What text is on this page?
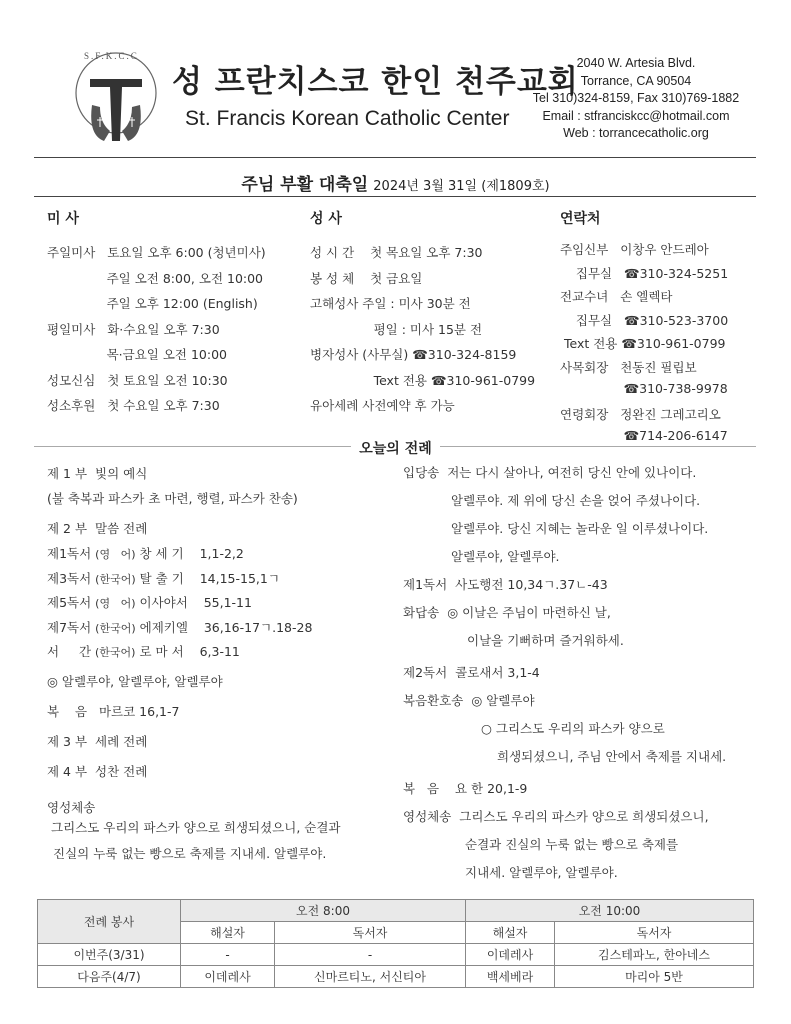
S.F.K.C.C
성 프란치스코 한인 천주교회
St. Francis Korean Catholic Center
2040 W. Artesia Blvd.
Torrance, CA 90504
Tel 310)324-8159, Fax 310)769-1882
Email : stfranciskcc@hotmail.com
Web : torrancecatholic.org
주님 부활 대축일 2024년 3월 31일 (제1809호)
미 사	성 사	연락처
주일미사   토요일 오후 6:00 (청년미사)
주일 오전 8:00, 오전 10:00
주일 오후 12:00 (English)
평일미사   화·수요일 오후 7:30
목·금요일 오전 10:00
성모신심   첫 토요일 오전 10:30
성소후원   첫 수요일 오후 7:30
성 시 간    첫 목요일 오후 7:30
봉 성 체    첫 금요일
고해성사 주일 : 미사 30분 전
평일 : 미사 15분 전
병자성사 (사무실) ☎310-324-8159
Text 전용 ☎310-961-0799
유아세례 사전예약 후 가능
주임신부   이창우 안드레아
집무실   ☎310-324-5251
전교수녀   손 엘렉타
집무실   ☎310-523-3700
Text 전용 ☎310-961-0799
사목회장   천동진 필립보
☎310-738-9978
연령회장   정완진 그레고리오
☎714-206-6147
오늘의 전례
제 1 부  빛의 예식
(불 축복과 파스카 초 마련, 행렬, 파스카 찬송)
제 2 부  말씀 전례
제1독서 (영   어) 창 세 기 1,1-2,2
제3독서 (한국어) 탈 출 기 14,15-15,1ㄱ
제5독서 (영   어) 이사야서 55,1-11
제7독서 (한국어) 에제키엘 36,16-17ㄱ.18-28
서     간 (한국어) 로 마 서 6,3-11
◎ 알렐루야, 알렐루야, 알렐루야
복    음   마르코 16,1-7
제 3 부  세례 전례
제 4 부  성찬 전례
영성체송
그리스도 우리의 파스카 양으로 희생되셨으니, 순결과
진실의 누룩 없는 빵으로 축제를 지내세. 알렐루야.
입당송 저는 다시 살아나, 여전히 당신 안에 있나이다.
알렐루야. 제 위에 당신 손을 얹어 주셨나이다.
알렐루야. 당신 지혜는 놀라운 일 이루셨나이다.
알렐루야, 알렐루야.
제1독서 사도행전 10,34ㄱ.37ㄴ-43
화답송 ◎ 이날은 주님이 마련하신 날,
이날을 기뻐하며 즐거워하세.
제2독서 콜로새서 3,1-4
복음환호송 ◎ 알렐루야
○ 그리스도 우리의 파스카 양으로
희생되셨으니, 주님 안에서 축제를 지내세.
복   음 요 한 20,1-9
영성체송 그리스도 우리의 파스카 양으로 희생되셨으니,
순결과 진실의 누룩 없는 빵으로 축제를
지내세. 알렐루야, 알렐루야.
전례 봉사	오전 8:00		오전 10:00	
	해설자	독서자	해설자	독서자
이번주(3/31)	-	-	이데레사	김스테파노, 한아네스
다음주(4/7)	이데레사	신마르티노, 서신티아	백세베라	마리아 5반
